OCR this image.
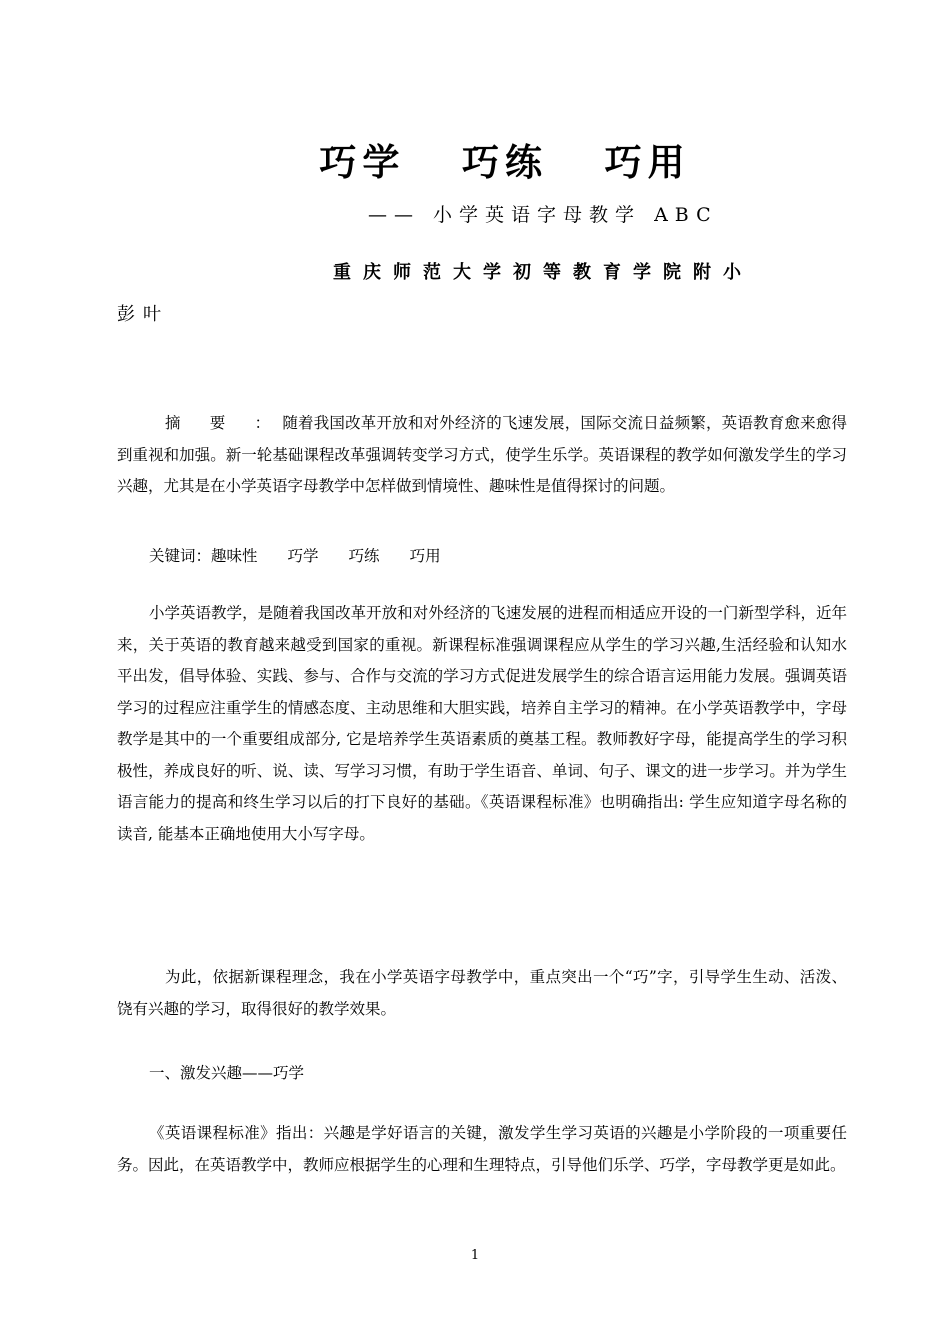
巧学   巧练   巧用
—— 小学英语字母教学 ABC
重庆师范大学初等教育学院附小
彭叶

摘 要 ：随着我国改革开放和对外经济的飞速发展，国际交流日益频繁，英语教育愈来愈得到重视和加强。新一轮基础课程改革强调转变学习方式，使学生乐学。英语课程的教学如何激发学生的学习兴趣，尤其是在小学英语字母教学中怎样做到情境性、趣味性是值得探讨的问题。

关键词：趣味性 巧学 巧练 巧用

小学英语教学，是随着我国改革开放和对外经济的飞速发展的进程而相适应开设的一门新型学科，近年来，关于英语的教育越来越受到国家的重视。新课程标准强调课程应从学生的学习兴趣,生活经验和认知水平出发，倡导体验、实践、参与、合作与交流的学习方式促进发展学生的综合语言运用能力发展。强调英语学习的过程应注重学生的情感态度、主动思维和大胆实践，培养自主学习的精神。在小学英语教学中，字母教学是其中的一个重要组成部分, 它是培养学生英语素质的奠基工程。教师教好字母，能提高学生的学习积极性，养成良好的听、说、读、写学习习惯，有助于学生语音、单词、句子、课文的进一步学习。并为学生语言能力的提高和终生学习以后的打下良好的基础。《英语课程标准》也明确指出: 学生应知道字母名称的读音, 能基本正确地使用大小写字母。

为此，依据新课程理念，我在小学英语字母教学中，重点突出一个“巧”字，引导学生生动、活泼、饶有兴趣的学习，取得很好的教学效果。

一、激发兴趣——巧学

《英语课程标准》指出：兴趣是学好语言的关键，激发学生学习英语的兴趣是小学阶段的一项重要任务。因此，在英语教学中，教师应根据学生的心理和生理特点，引导他们乐学、巧学，字母教学更是如此。

1
